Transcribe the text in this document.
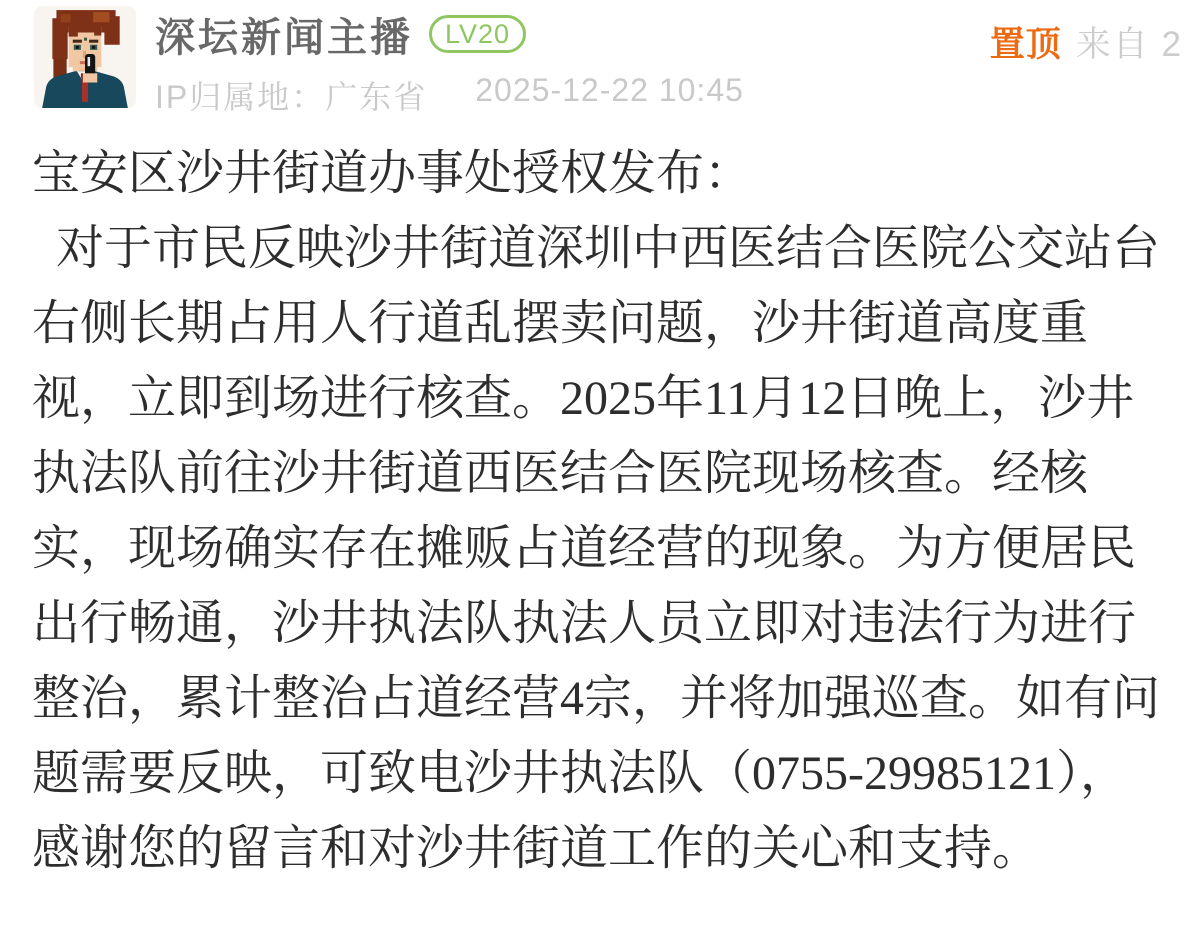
深坛新闻主播	LV20
IP归属地：广东省 2025-12-22 10:45
置顶 来自 2
宝安区沙井街道办事处授权发布：
对于市民反映沙井街道深圳中西医结合医院公交站台
右侧长期占用人行道乱摆卖问题，沙井街道高度重
视，立即到场进行核查。2025年11月12日晚上，沙井
执法队前往沙井街道西医结合医院现场核查。经核
实，现场确实存在摊贩占道经营的现象。为方便居民
出行畅通，沙井执法队执法人员立即对违法行为进行
整治，累计整治占道经营4宗，并将加强巡查。如有问
题需要反映，可致电沙井执法队（0755-29985121），
感谢您的留言和对沙井街道工作的关心和支持。
